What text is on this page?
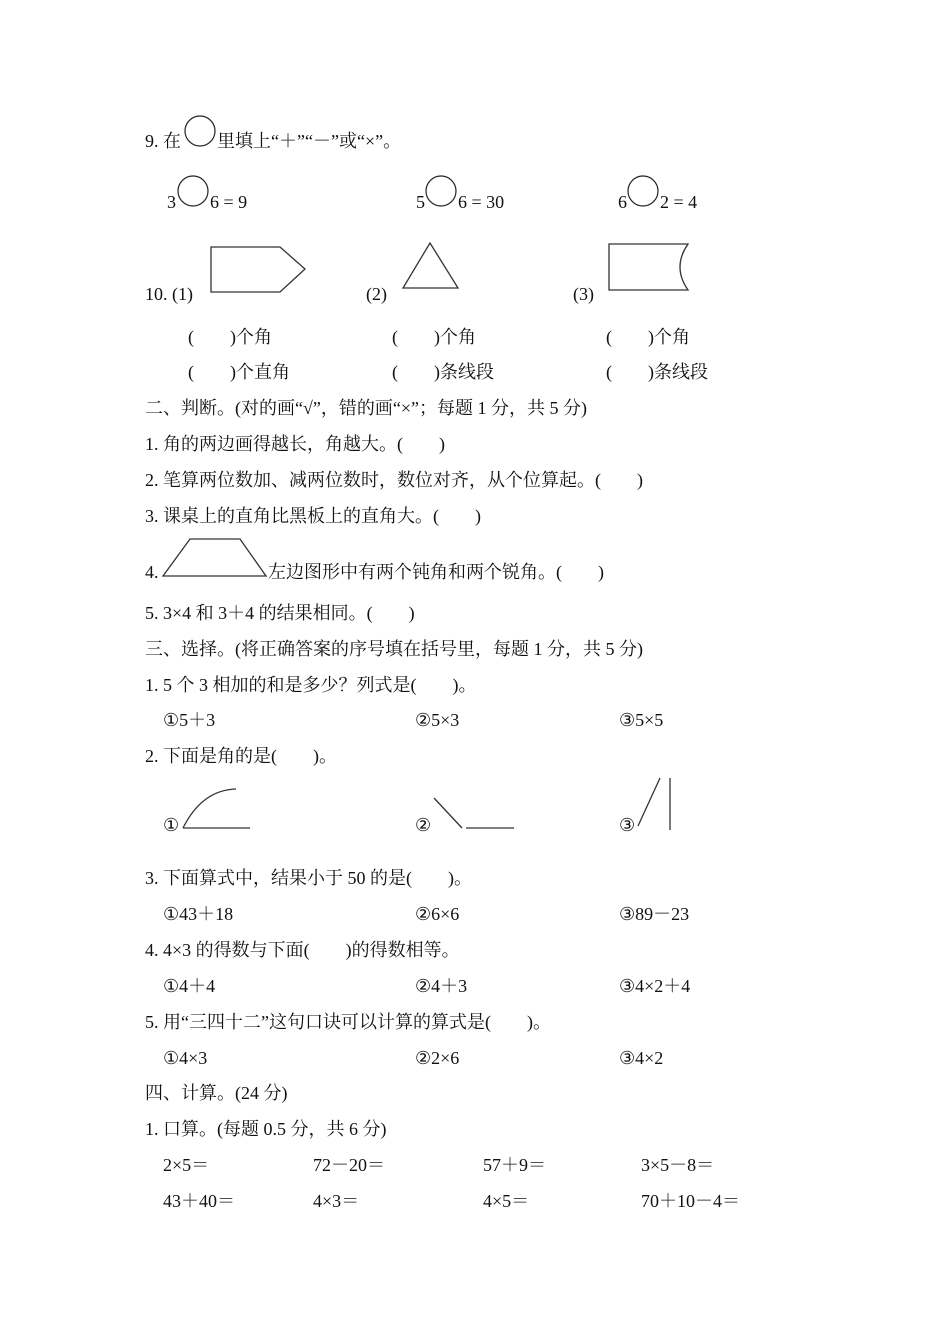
9. 在 里填上“＋”“－”或“×”。
3 6 = 9	5 6 = 30	6 2 = 4
10. (1)	(2)	(3)
(　　)个角	(　　)个角	(　　)个角
(　　)个直角	(　　)条线段	(　　)条线段
二、判断。(对的画“√”，错的画“×”；每题 1 分，共 5 分)
1. 角的两边画得越长，角越大。(　　)
2. 笔算两位数加、减两位数时，数位对齐，从个位算起。(　　)
3. 课桌上的直角比黑板上的直角大。(　　)
4.	左边图形中有两个钝角和两个锐角。(　　)
5. 3×4 和 3＋4 的结果相同。(　　)
三、选择。(将正确答案的序号填在括号里，每题 1 分，共 5 分)
1. 5 个 3 相加的和是多少？列式是(　　)。
①5＋3	②5×3	③5×5
2. 下面是角的是(　　)。
①	②	③
3. 下面算式中，结果小于 50 的是(　　)。
①43＋18	②6×6	③89－23
4. 4×3 的得数与下面(　　)的得数相等。
①4＋4	②4＋3	③4×2＋4
5. 用“三四十二”这句口诀可以计算的算式是(　　)。
①4×3	②2×6	③4×2
四、计算。(24 分)
1. 口算。(每题 0.5 分，共 6 分)
2×5＝	72－20＝	57＋9＝	3×5－8＝
43＋40＝	4×3＝	4×5＝	70＋10－4＝
